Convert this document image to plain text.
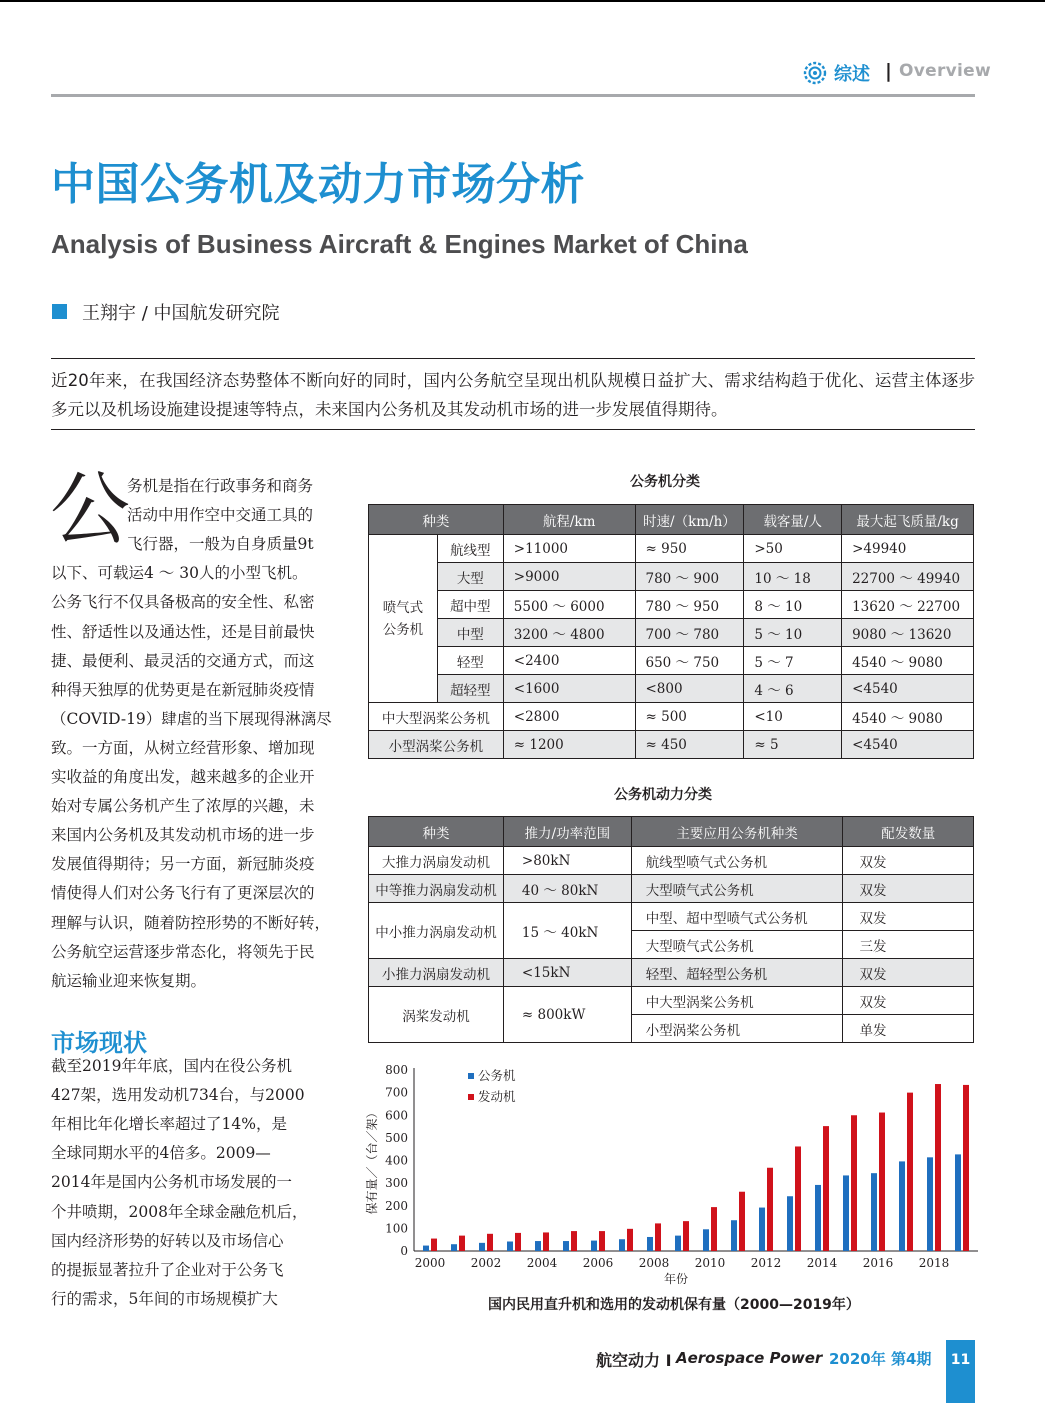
综述 | Overview
中国公务机及动力市场分析
Analysis of Business Aircraft & Engines Market of China
王翔宇 / 中国航发研究院
近20年来，在我国经济态势整体不断向好的同时，国内公务航空呈现出机队规模日益扩大、需求结构趋于优化、运营主体逐步多元以及机场设施建设提速等特点，未来国内公务机及其发动机市场的进一步发展值得期待。
公
务机是指在行政事务和商务
活动中用作空中交通工具的
飞行器，一般为自身质量9t
以下、可载运4 ～ 30人的小型飞机。
公务飞行不仅具备极高的安全性、私密
性、舒适性以及通达性，还是目前最快
捷、最便利、最灵活的交通方式，而这
种得天独厚的优势更是在新冠肺炎疫情
（COVID-19）肆虐的当下展现得淋漓尽
致。一方面，从树立经营形象、增加现
实收益的角度出发，越来越多的企业开
始对专属公务机产生了浓厚的兴趣，未
来国内公务机及其发动机市场的进一步
发展值得期待；另一方面，新冠肺炎疫
情使得人们对公务飞行有了更深层次的
理解与认识，随着防控形势的不断好转，
公务航空运营逐步常态化，将领先于民
航运输业迎来恢复期。
市场现状
截至2019年年底，国内在役公务机
427架，选用发动机734台，与2000
年相比年化增长率超过了14%，是
全球同期水平的4倍多。2009—
2014年是国内公务机市场发展的一
个井喷期，2008年全球金融危机后，
国内经济形势的好转以及市场信心
的提振显著拉升了企业对于公务飞
行的需求，5年间的市场规模扩大
公务机分类
种类		航程/km	时速/（km/h）	载客量/人	最大起飞质量/kg
喷气式
公务机	航线型	>11000	≈ 950	>50	>49940
	大型	>9000	780 ～ 900	10 ～ 18	22700 ～ 49940
	超中型	5500 ～ 6000	780 ～ 950	8 ～ 10	13620 ～ 22700
	中型	3200 ～ 4800	700 ～ 780	5 ～ 10	9080 ～ 13620
	轻型	<2400	650 ～ 750	5 ～ 7	4540 ～ 9080
	超轻型	<1600	<800	4 ～ 6	<4540
中大型涡桨公务机		<2800	≈ 500	<10	4540 ～ 9080
小型涡桨公务机		≈ 1200	≈ 450	≈ 5	<4540
公务机动力分类
种类	推力/功率范围	主要应用公务机种类	配发数量
大推力涡扇发动机	>80kN	航线型喷气式公务机	双发
中等推力涡扇发动机	40 ～ 80kN	大型喷气式公务机	双发
中小推力涡扇发动机	15 ～ 40kN	中型、超中型喷气式公务机	双发
		大型喷气式公务机	三发
小推力涡扇发动机	<15kN	轻型、超轻型公务机	双发
涡桨发动机	≈ 800kW	中大型涡桨公务机	双发
		小型涡桨公务机	单发
0
100
200
300
400
500
600
700
800
保有量／（台／架）
2000 2002 2004 2006 2008 2010 2012 2014 2016 2018
年份
公务机
发动机
国内民用直升机和选用的发动机保有量（2000—2019年）
航空动力 I Aerospace Power 2020年 第4期	11
